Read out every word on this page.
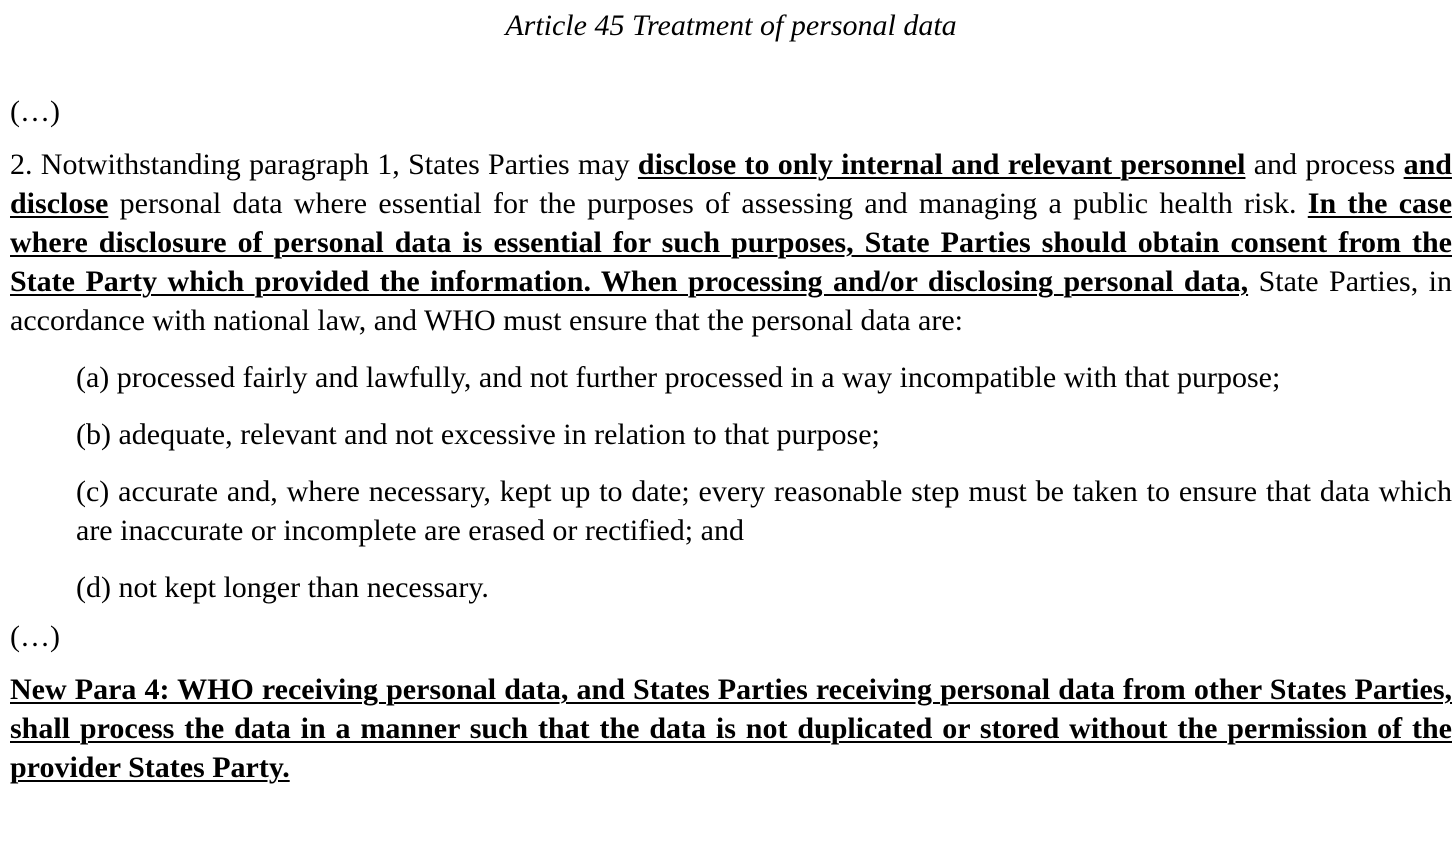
Article 45 Treatment of personal data
(…)

2. Notwithstanding paragraph 1, States Parties may disclose to only internal and relevant personnel and process and disclose personal data where essential for the purposes of assessing and managing a public health risk. In the case where disclosure of personal data is essential for such purposes, State Parties should obtain consent from the State Party which provided the information. When processing and/or disclosing personal data, State Parties, in accordance with national law, and WHO must ensure that the personal data are:

(a) processed fairly and lawfully, and not further processed in a way incompatible with that purpose;
(b) adequate, relevant and not excessive in relation to that purpose;
(c) accurate and, where necessary, kept up to date; every reasonable step must be taken to ensure that data which are inaccurate or incomplete are erased or rectified; and
(d) not kept longer than necessary.
(…)
New Para 4: WHO receiving personal data, and States Parties receiving personal data from other States Parties, shall process the data in a manner such that the data is not duplicated or stored without the permission of the provider States Party.
